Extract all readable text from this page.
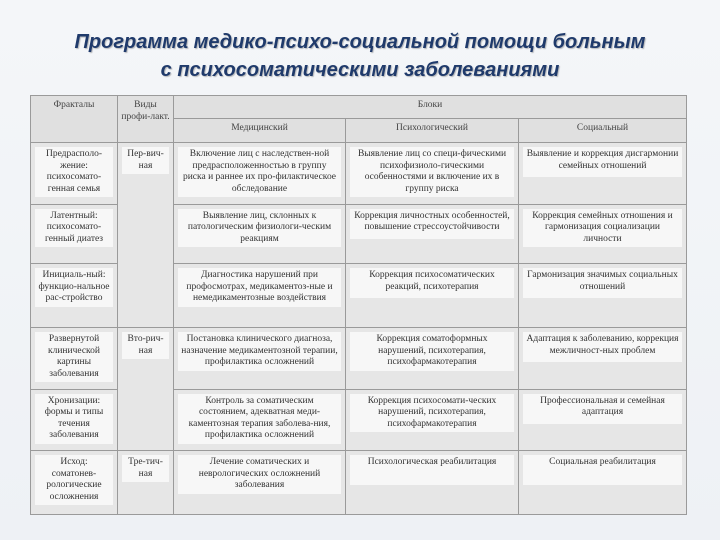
Программа медико-психо-социальной помощи больным
с психосоматическими заболеваниями
Фракталы	Виды профи-лакт.	Блоки		

		Медицинский	Психологический	Социальный

Предрасполо-жение: психосомато-генная семья	Пер-вич-ная	Включение лиц с наследствен-ной предрасположенностью в группу риска и раннее их про-филактическое обследование	Выявление лиц со специ-фическими психофизиоло-гическими особенностями и включение их в группу риска	Выявление и коррекция дисгармонии семейных отношений

Латентный: психосомато-генный диатез		Выявление лиц, склонных к патологическим физиологи-ческим реакциям	Коррекция личностных особенностей, повышение стрессоустойчивости	Коррекция семейных отношения и гармонизация социализации личности

Инициаль-ный: функцио-нальное рас-стройство		Диагностика нарушений при профосмотрах, медикаментоз-ные и немедикаментозные воздействия	Коррекция психосоматических реакций, психотерапия	Гармонизация значимых социальных отношений

Развернутой клинической картины заболевания	Вто-рич-ная	Постановка клинического диагноза, назначение медикаментозной терапии, профилактика осложнений	Коррекция соматоформных нарушений, психотерапия, психофармакотерапия	Адаптация к заболеванию, коррекция межличност-ных проблем

Хронизации: формы и типы течения заболевания		Контроль за соматическим состоянием, адекватная меди-каментозная терапия заболева-ния, профилактика осложнений	Коррекция психосомати-ческих нарушений, психотерапия, психофармакотерапия	Профессиональная и семейная адаптация

Исход: соматонев-рологические осложнения	Тре-тич-ная	Лечение соматических и неврологических осложнений заболевания	Психологическая реабилитация	Социальная реабилитация
